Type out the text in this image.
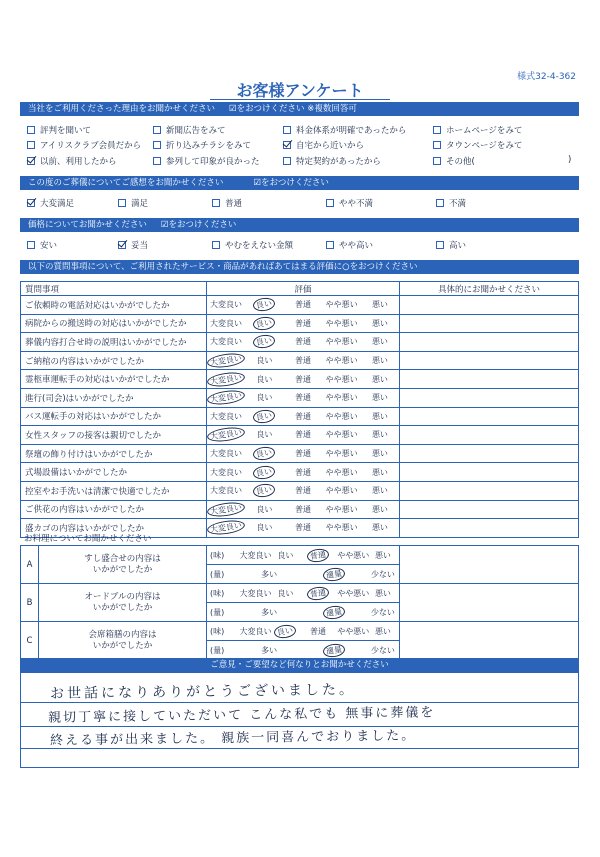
様式32-4-362
お客様アンケート
当社をご利用くださった理由をお聞かせください ☑をおつけください ※複数回答可
評判を聞いて	新聞広告をみて	料金体系が明確であったから	ホームページをみて
アイリスクラブ会員だから	折り込みチラシをみて	自宅から近いから	タウンページをみて
以前、利用したから	参列して印象が良かった	特定契約があったから	その他(	)
この度のご葬儀についてご感想をお聞かせください	☑をおつけください
大変満足	満足	普通	やや不満	不満
価格についてお聞かせください ☑をおつけください
安い	妥当	やむをえない金額	やや高い	高い
以下の質問事項について、ご利用されたサービス・商品があればあてはまる評価に○をおつけください
質問事項	評価					具体的にお聞かせください
ご依頼時の電話対応はいかがでしたか	大変良い	良い	普通	やや悪い	悪い	
病院からの搬送時の対応はいかがでしたか	大変良い	良い	普通	やや悪い	悪い	
葬儀内容打合せ時の説明はいかがでしたか	大変良い	良い	普通	やや悪い	悪い	
ご納棺の内容はいかがでしたか	大変良い	良い	普通	やや悪い	悪い	
霊柩車運転手の対応はいかがでしたか	大変良い	良い	普通	やや悪い	悪い	
進行(司会)はいかがでしたか	大変良い	良い	普通	やや悪い	悪い	
バス運転手の対応はいかがでしたか	大変良い	良い	普通	やや悪い	悪い	
女性スタッフの接客は親切でしたか	大変良い	良い	普通	やや悪い	悪い	
祭壇の飾り付けはいかがでしたか	大変良い	良い	普通	やや悪い	悪い	
式場設備はいかがでしたか	大変良い	良い	普通	やや悪い	悪い	
控室やお手洗いは清潔で快適でしたか	大変良い	良い	普通	やや悪い	悪い	
ご供花の内容はいかがでしたか	大変良い	良い	普通	やや悪い	悪い	
盛カゴの内容はいかがでしたか	大変良い	良い	普通	やや悪い	悪い	
お料理についてお聞かせください
A	すし盛合せの内容は
いかがでしたか	(味)	大変良い	良い	普通	やや悪い	悪い	
		(量)	多い		適量		少ない	
B	オードブルの内容は
いかがでしたか	(味)	大変良い	良い	普通	やや悪い	悪い	
		(量)	多い		適量		少ない	
C	会席箱膳の内容は
いかがでしたか	(味)	大変良い	良い	普通	やや悪い	悪い	
		(量)	多い		適量		少ない	
ご意見・ご要望など何なりとお聞かせください
お世話になりありがとうございました。
親切丁寧に接していただいて こんな私でも 無事に葬儀を
終える事が出来ました。 親族一同喜んでおりました。
